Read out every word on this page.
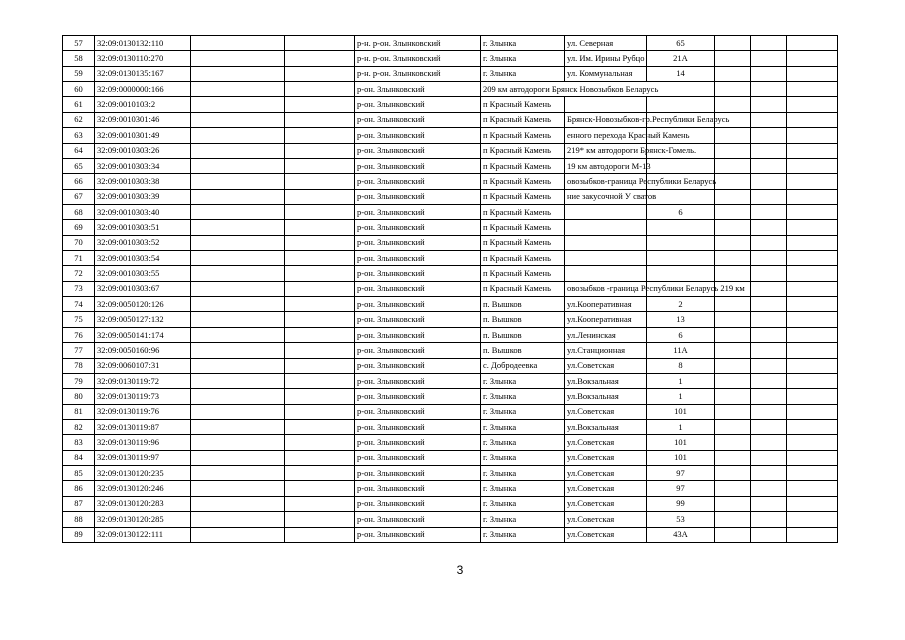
57	32:09:0130132:110			р-н. р-он. Злынковский	г. Злынка	ул. Северная	65			
58	32:09:0130110:270			р-н. р-он. Злынковский	г. Злынка	ул. Им. Ирины Рубцо	21А			
59	32:09:0130135:167			р-н. р-он. Злынковский	г. Злынка	ул. Коммунальная	14			
60	32:09:0000000:166			р-он. Злынковский	209 км автодороги Брянск Новозыбков Беларусь					
61	32:09:0010103:2			р-он. Злынковский	п Красный Камень					
62	32:09:0010301:46			р-он. Злынковский	п Красный Камень	Брянск-Новозыбков-гр.Республики Беларусь				
63	32:09:0010301:49			р-он. Злынковский	п Красный Камень	енного перехода Красный Камень				
64	32:09:0010303:26			р-он. Злынковский	п Красный Камень	219* км автодороги Брянск-Гомель.				
65	32:09:0010303:34			р-он. Злынковский	п Красный Камень	19 км автодороги М-13				
66	32:09:0010303:38			р-он. Злынковский	п Красный Камень	овозыбков-граница Республики Беларусь				
67	32:09:0010303:39			р-он. Злынковский	п Красный Камень	ние закусочной У сватов				
68	32:09:0010303:40			р-он. Злынковский	п Красный Камень		6			
69	32:09:0010303:51			р-он. Злынковский	п Красный Камень					
70	32:09:0010303:52			р-он. Злынковский	п Красный Камень					
71	32:09:0010303:54			р-он. Злынковский	п Красный Камень					
72	32:09:0010303:55			р-он. Злынковский	п Красный Камень					
73	32:09:0010303:67			р-он. Злынковский	п Красный Камень	овозыбков -граница Республики Беларусь 219 км				
74	32:09:0050120:126			р-он. Злынковский	п. Вышков	ул.Кооперативная	2			
75	32:09:0050127:132			р-он. Злынковский	п. Вышков	ул.Кооперативная	13			
76	32:09:0050141:174			р-он. Злынковский	п. Вышков	ул.Ленинская	6			
77	32:09:0050160:96			р-он. Злынковский	п. Вышков	ул.Станционная	11А			
78	32:09:0060107:31			р-он. Злынковский	с. Добродеевка	ул.Советская	8			
79	32:09:0130119:72			р-он. Злынковский	г. Злынка	ул.Вокзальная	1			
80	32:09:0130119:73			р-он. Злынковский	г. Злынка	ул.Вокзальная	1			
81	32:09:0130119:76			р-он. Злынковский	г. Злынка	ул.Советская	101			
82	32:09:0130119:87			р-он. Злынковский	г. Злынка	ул.Вокзальная	1			
83	32:09:0130119:96			р-он. Злынковский	г. Злынка	ул.Советская	101			
84	32:09:0130119:97			р-он. Злынковский	г. Злынка	ул.Советская	101			
85	32:09:0130120:235			р-он. Злынковский	г. Злынка	ул.Советская	97			
86	32:09:0130120:246			р-он. Злынковский	г. Злынка	ул.Советская	97			
87	32:09:0130120:283			р-он. Злынковский	г. Злынка	ул.Советская	99			
88	32:09:0130120:285			р-он. Злынковский	г. Злынка	ул.Советская	53			
89	32:09:0130122:111			р-он. Злынковский	г. Злынка	ул.Советская	43А			
3
